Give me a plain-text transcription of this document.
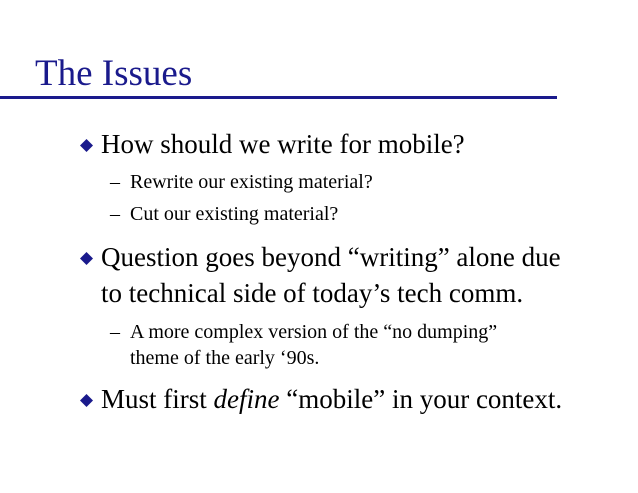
The Issues
How should we write for mobile?
– Rewrite our existing material?
– Cut our existing material?
Question goes beyond “writing” alone due
to technical side of today’s tech comm.
– A more complex version of the “no dumping”
theme of the early ‘90s.
Must first define “mobile” in your context.
